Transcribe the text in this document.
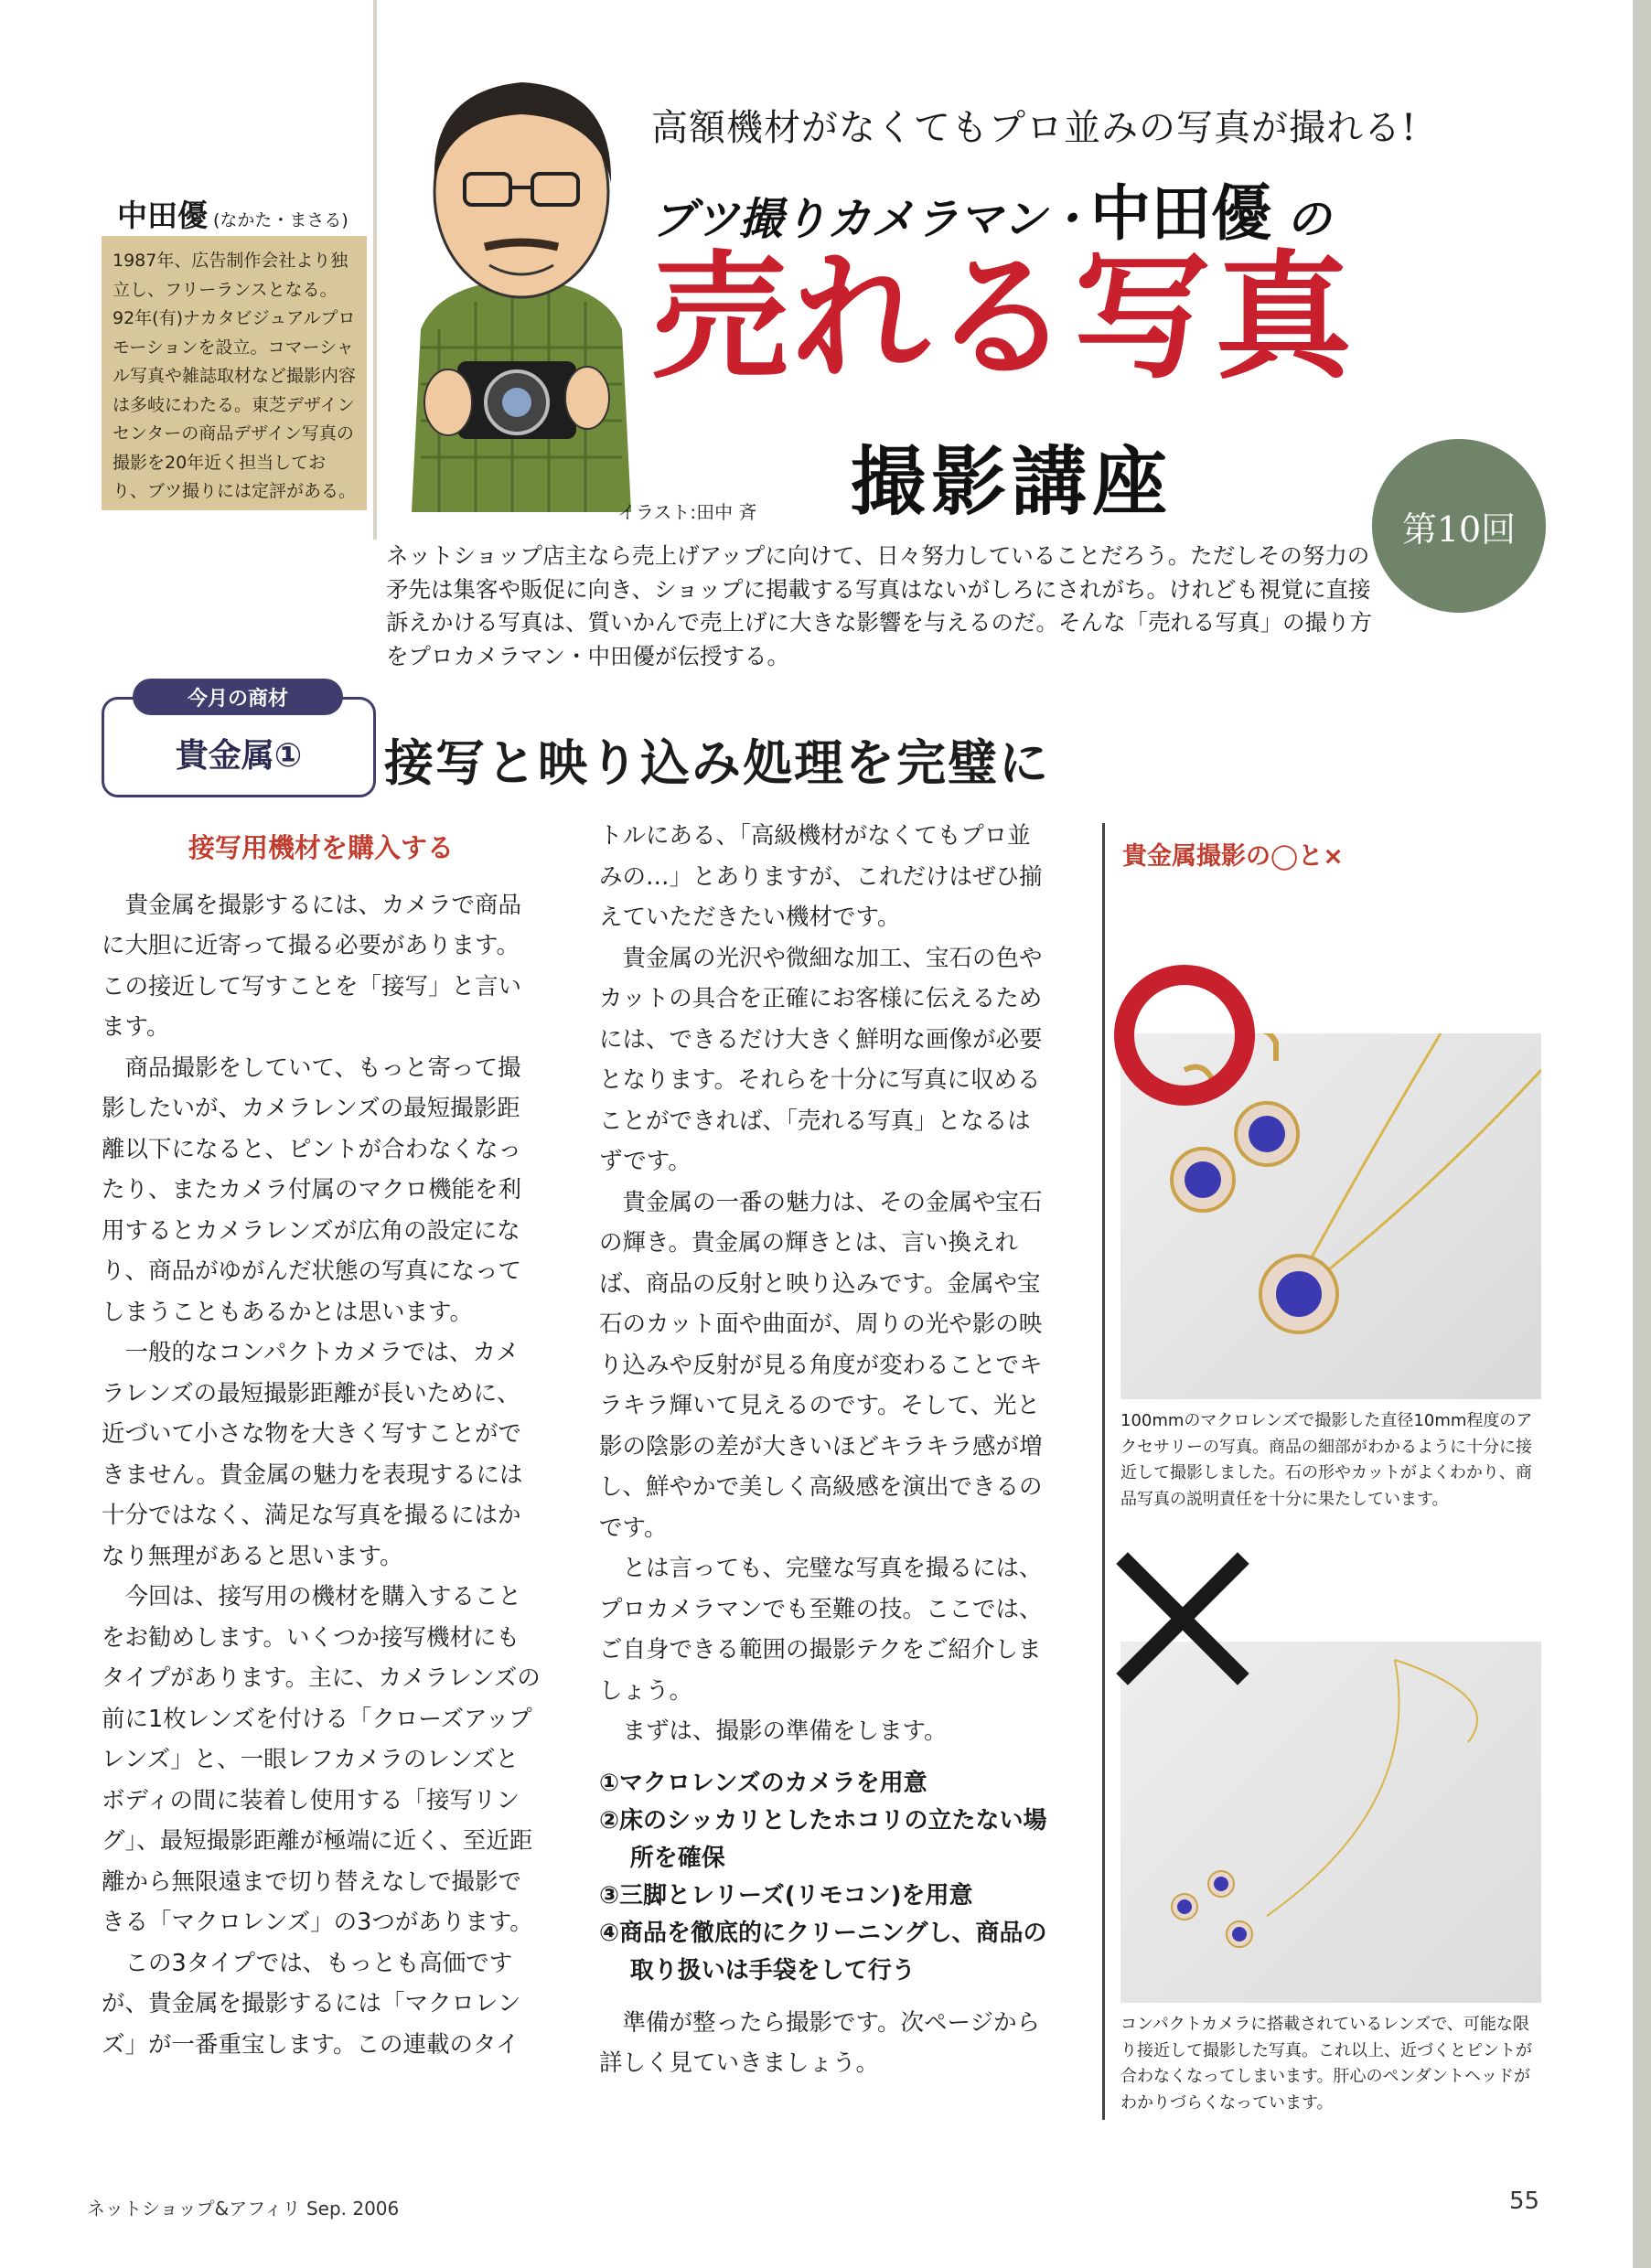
中田優 (なかた・まさる)
1987年、広告制作会社より独立し、フリーランスとなる。92年(有)ナカタビジュアルプロモーションを設立。コマーシャル写真や雑誌取材など撮影内容は多岐にわたる。東芝デザインセンターの商品デザイン写真の撮影を20年近く担当しており、ブツ撮りには定評がある。
高額機材がなくてもプロ並みの写真が撮れる!
ブツ撮りカメラマン・中田優 の
売れる写真
撮影講座
イラスト:田中 斉	第10回
ネットショップ店主なら売上げアップに向けて、日々努力していることだろう。ただしその努力の矛先は集客や販促に向き、ショップに掲載する写真はないがしろにされがち。けれども視覚に直接訴えかける写真は、質いかんで売上げに大きな影響を与えるのだ。そんな「売れる写真」の撮り方をプロカメラマン・中田優が伝授する。
今月の商材
貴金属①	接写と映り込み処理を完璧に
接写用機材を購入する

貴金属を撮影するには、カメラで商品に大胆に近寄って撮る必要があります。この接近して写すことを「接写」と言います。

商品撮影をしていて、もっと寄って撮影したいが、カメラレンズの最短撮影距離以下になると、ピントが合わなくなったり、またカメラ付属のマクロ機能を利用するとカメラレンズが広角の設定になり、商品がゆがんだ状態の写真になってしまうこともあるかとは思います。

一般的なコンパクトカメラでは、カメラレンズの最短撮影距離が長いために、近づいて小さな物を大きく写すことができません。貴金属の魅力を表現するには十分ではなく、満足な写真を撮るにはかなり無理があると思います。

今回は、接写用の機材を購入することをお勧めします。いくつか接写機材にもタイプがあります。主に、カメラレンズの前に1枚レンズを付ける「クローズアップレンズ」と、一眼レフカメラのレンズとボディの間に装着し使用する「接写リング」、最短撮影距離が極端に近く、至近距離から無限遠まで切り替えなしで撮影できる「マクロレンズ」の3つがあります。

この3タイプでは、もっとも高価ですが、貴金属を撮影するには「マクロレンズ」が一番重宝します。この連載のタイ

トルにある、「高級機材がなくてもプロ並みの…」とありますが、これだけはぜひ揃えていただきたい機材です。

貴金属の光沢や微細な加工、宝石の色やカットの具合を正確にお客様に伝えるためには、できるだけ大きく鮮明な画像が必要となります。それらを十分に写真に収めることができれば、「売れる写真」となるはずです。

貴金属の一番の魅力は、その金属や宝石の輝き。貴金属の輝きとは、言い換えれば、商品の反射と映り込みです。金属や宝石のカット面や曲面が、周りの光や影の映り込みや反射が見る角度が変わることでキラキラ輝いて見えるのです。そして、光と影の陰影の差が大きいほどキラキラ感が増し、鮮やかで美しく高級感を演出できるのです。

とは言っても、完璧な写真を撮るには、プロカメラマンでも至難の技。ここでは、ご自身できる範囲の撮影テクをご紹介しましょう。

まずは、撮影の準備をします。

①マクロレンズのカメラを用意
②床のシッカリとしたホコリの立たない場所を確保
③三脚とレリーズ(リモコン)を用意
④商品を徹底的にクリーニングし、商品の取り扱いは手袋をして行う

準備が整ったら撮影です。次ページから詳しく見ていきましょう。

貴金属撮影の◯と×
100mmのマクロレンズで撮影した直径10mm程度のアクセサリーの写真。商品の細部がわかるように十分に接近して撮影しました。石の形やカットがよくわかり、商品写真の説明責任を十分に果たしています。
コンパクトカメラに搭載されているレンズで、可能な限り接近して撮影した写真。これ以上、近づくとピントが合わなくなってしまいます。肝心のペンダントヘッドがわかりづらくなっています。
ネットショップ&アフィリ Sep. 2006	55
